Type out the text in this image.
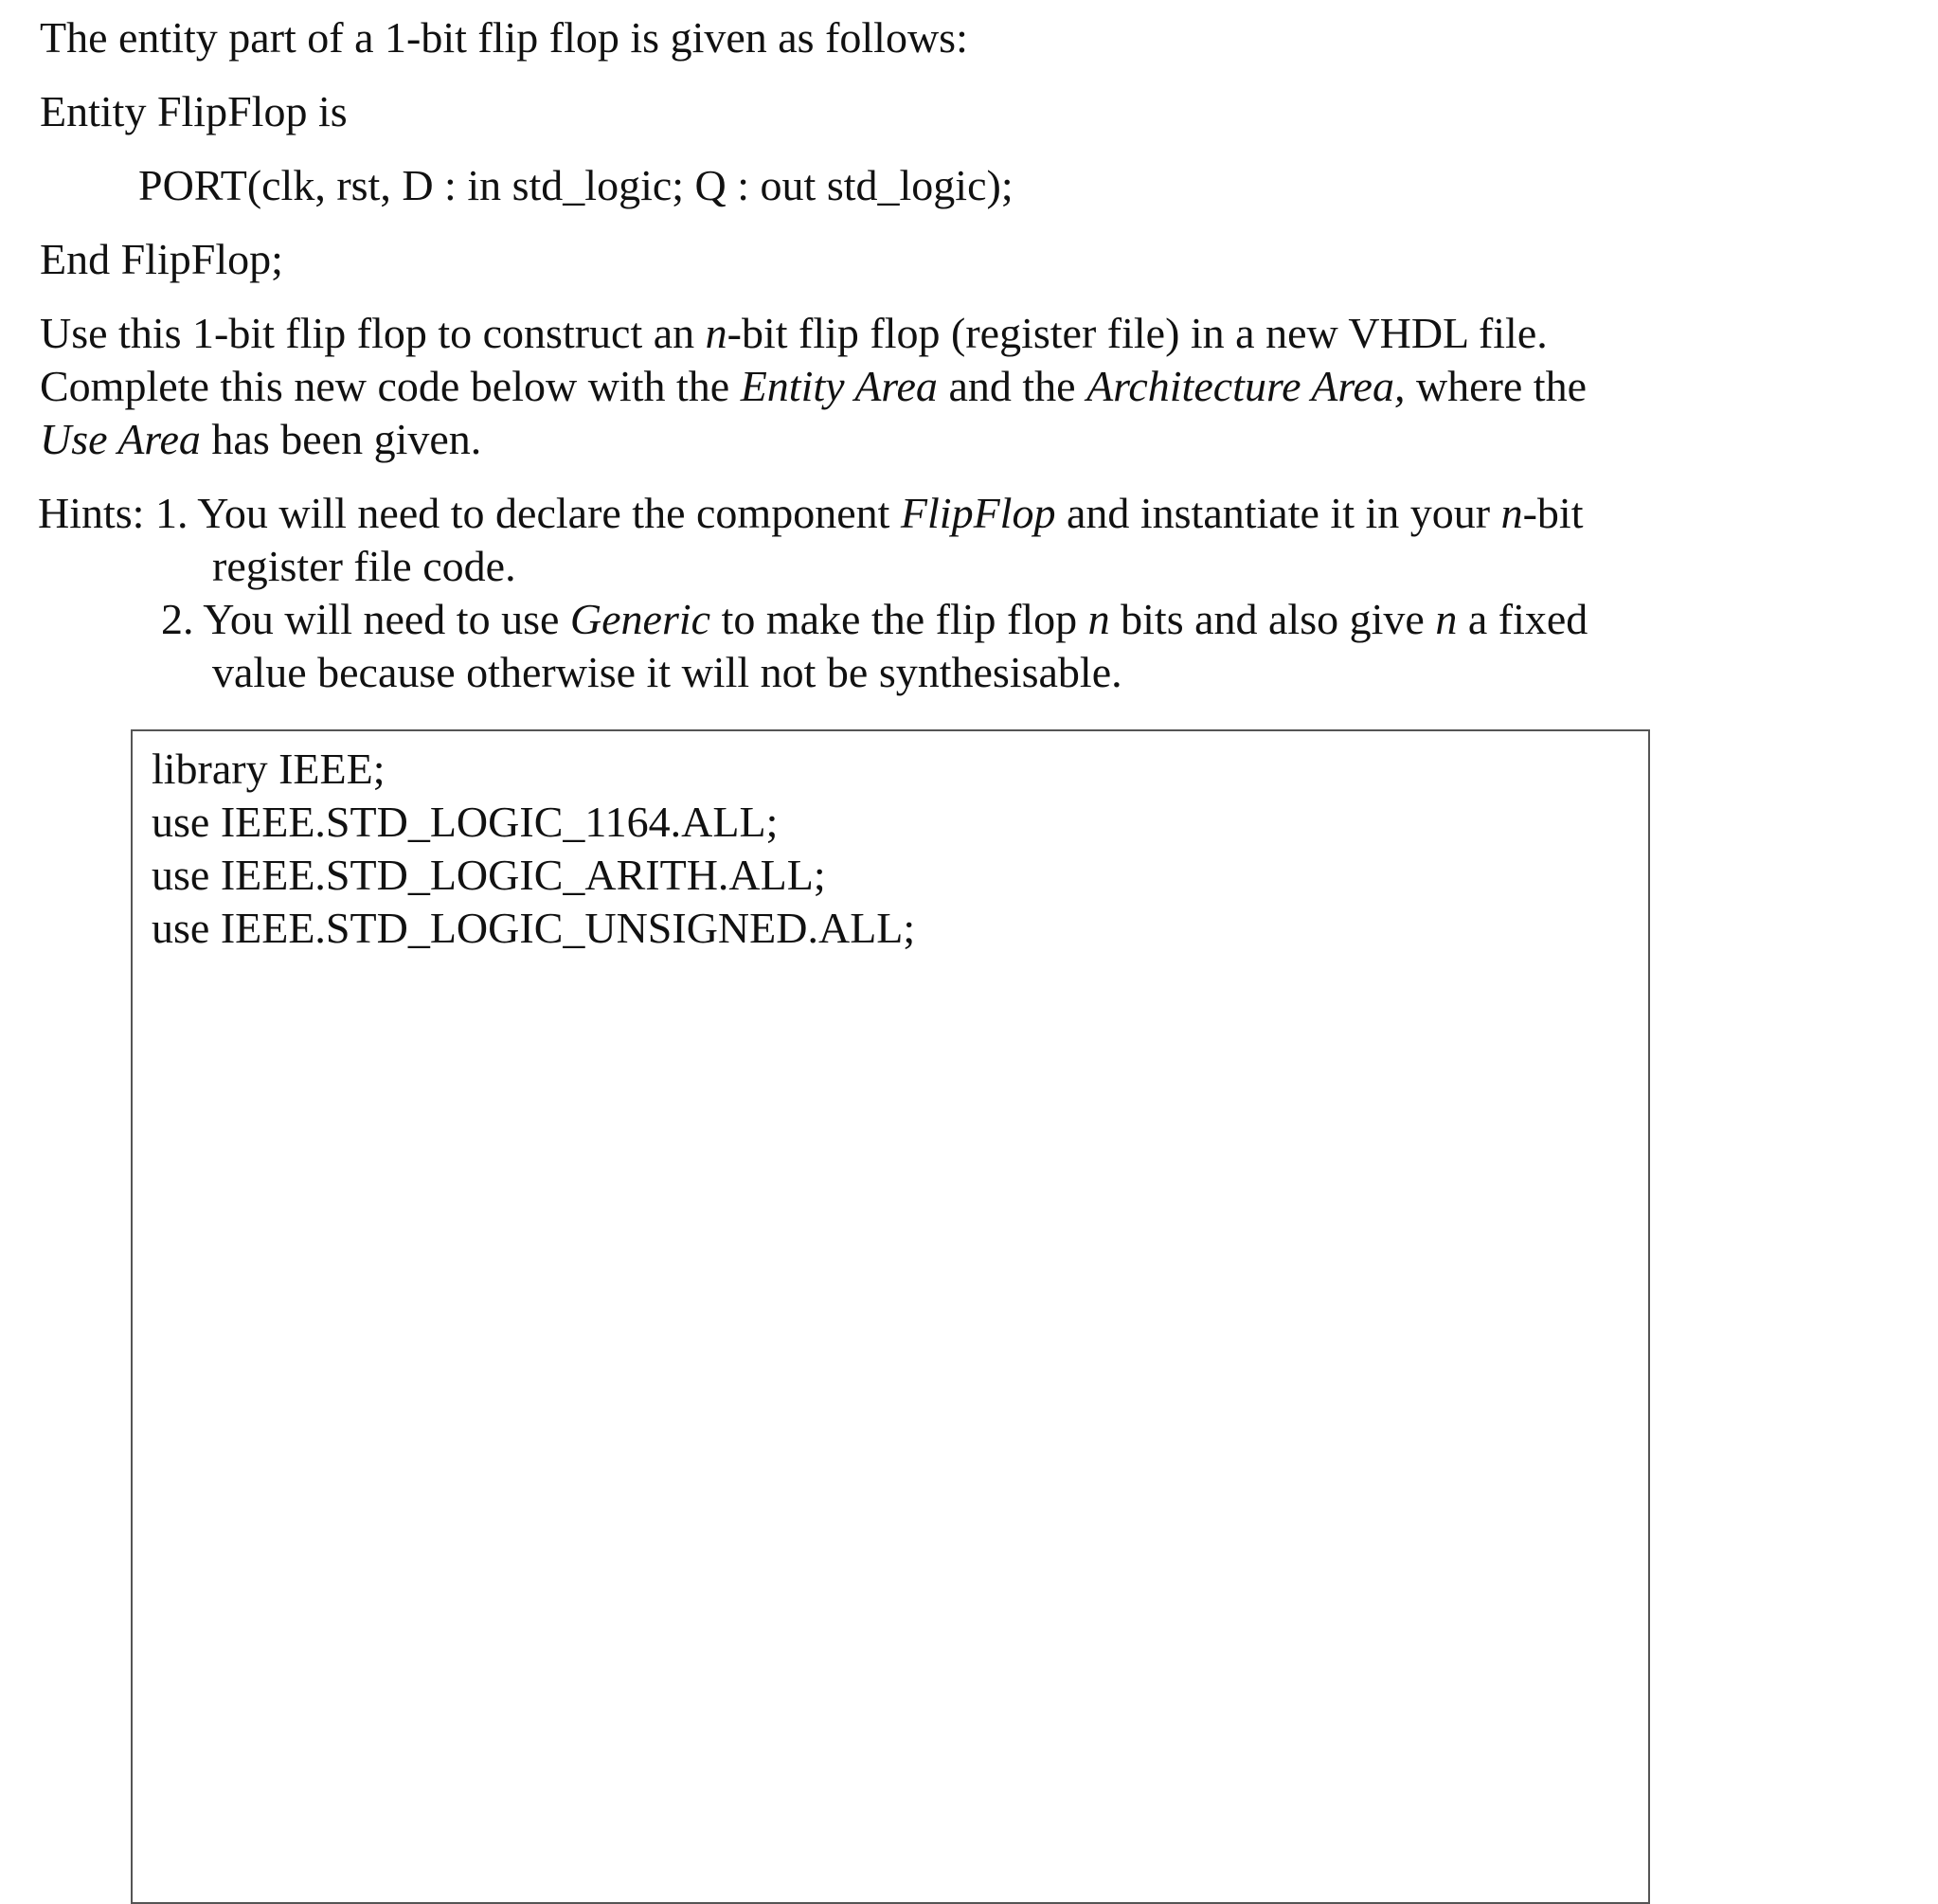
The entity part of a 1-bit flip flop is given as follows:
Entity FlipFlop is
PORT(clk, rst, D : in std_logic; Q : out std_logic);
End FlipFlop;
Use this 1-bit flip flop to construct an n-bit flip flop (register file) in a new VHDL file.
Complete this new code below with the Entity Area and the Architecture Area, where the
Use Area has been given.
Hints: 1. You will need to declare the component FlipFlop and instantiate it in your n-bit
register file code.
2. You will need to use Generic to make the flip flop n bits and also give n a fixed
value because otherwise it will not be synthesisable.
library IEEE;
use IEEE.STD_LOGIC_1164.ALL;
use IEEE.STD_LOGIC_ARITH.ALL;
use IEEE.STD_LOGIC_UNSIGNED.ALL;
